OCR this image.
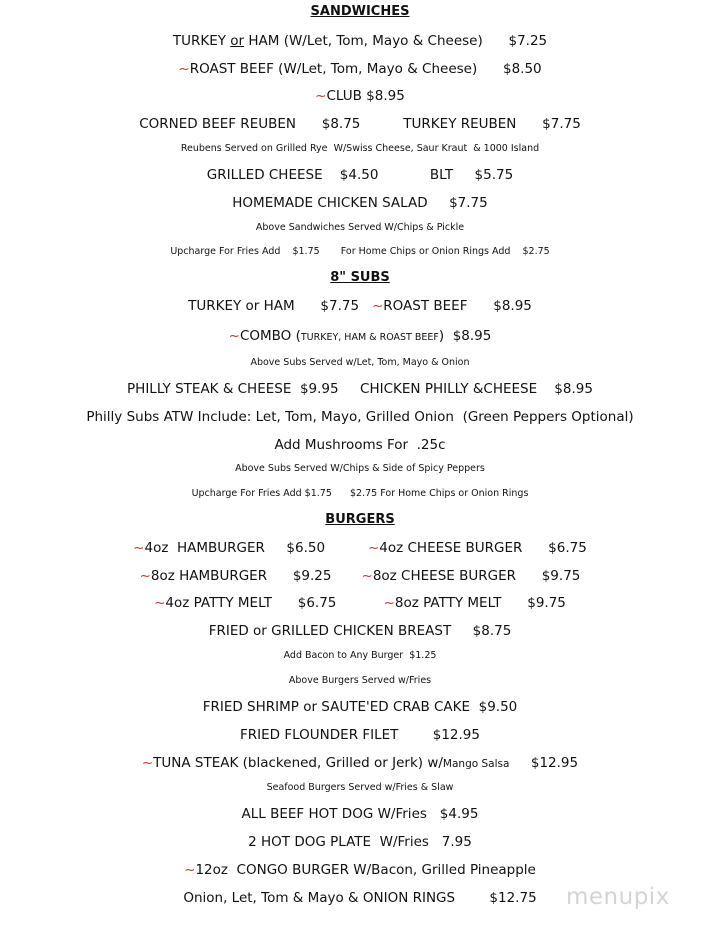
SANDWICHES
TURKEY or HAM (W/Let, Tom, Mayo & Cheese)      $7.25
~ROAST BEEF (W/Let, Tom, Mayo & Cheese)      $8.50
~CLUB $8.95
CORNED BEEF REUBEN      $8.75          TURKEY REUBEN      $7.75
Reubens Served on Grilled Rye  W/Swiss Cheese, Saur Kraut  & 1000 Island
GRILLED CHEESE    $4.50            BLT     $5.75
HOMEMADE CHICKEN SALAD     $7.75
Above Sandwiches Served W/Chips & Pickle
Upcharge For Fries Add    $1.75       For Home Chips or Onion Rings Add    $2.75
8" SUBS
TURKEY or HAM      $7.75   ~ROAST BEEF      $8.95
~COMBO (TURKEY, HAM & ROAST BEEF)  $8.95
Above Subs Served w/Let, Tom, Mayo & Onion
PHILLY STEAK & CHEESE  $9.95     CHICKEN PHILLY &CHEESE    $8.95
Philly Subs ATW Include: Let, Tom, Mayo, Grilled Onion  (Green Peppers Optional)
Add Mushrooms For  .25c
Above Subs Served W/Chips & Side of Spicy Peppers
Upcharge For Fries Add $1.75      $2.75 For Home Chips or Onion Rings
BURGERS
~4oz  HAMBURGER     $6.50          ~4oz CHEESE BURGER      $6.75
~8oz HAMBURGER      $9.25       ~8oz CHEESE BURGER      $9.75
~4oz PATTY MELT      $6.75           ~8oz PATTY MELT      $9.75
FRIED or GRILLED CHICKEN BREAST     $8.75
Add Bacon to Any Burger  $1.25
Above Burgers Served w/Fries
FRIED SHRIMP or SAUTE'ED CRAB CAKE  $9.50
FRIED FLOUNDER FILET        $12.95
~TUNA STEAK (blackened, Grilled or Jerk) w/Mango Salsa     $12.95
Seafood Burgers Served w/Fries & Slaw
ALL BEEF HOT DOG W/Fries   $4.95
2 HOT DOG PLATE  W/Fries   7.95
~12oz  CONGO BURGER W/Bacon, Grilled Pineapple
Onion, Let, Tom & Mayo & ONION RINGS        $12.75	menupix
